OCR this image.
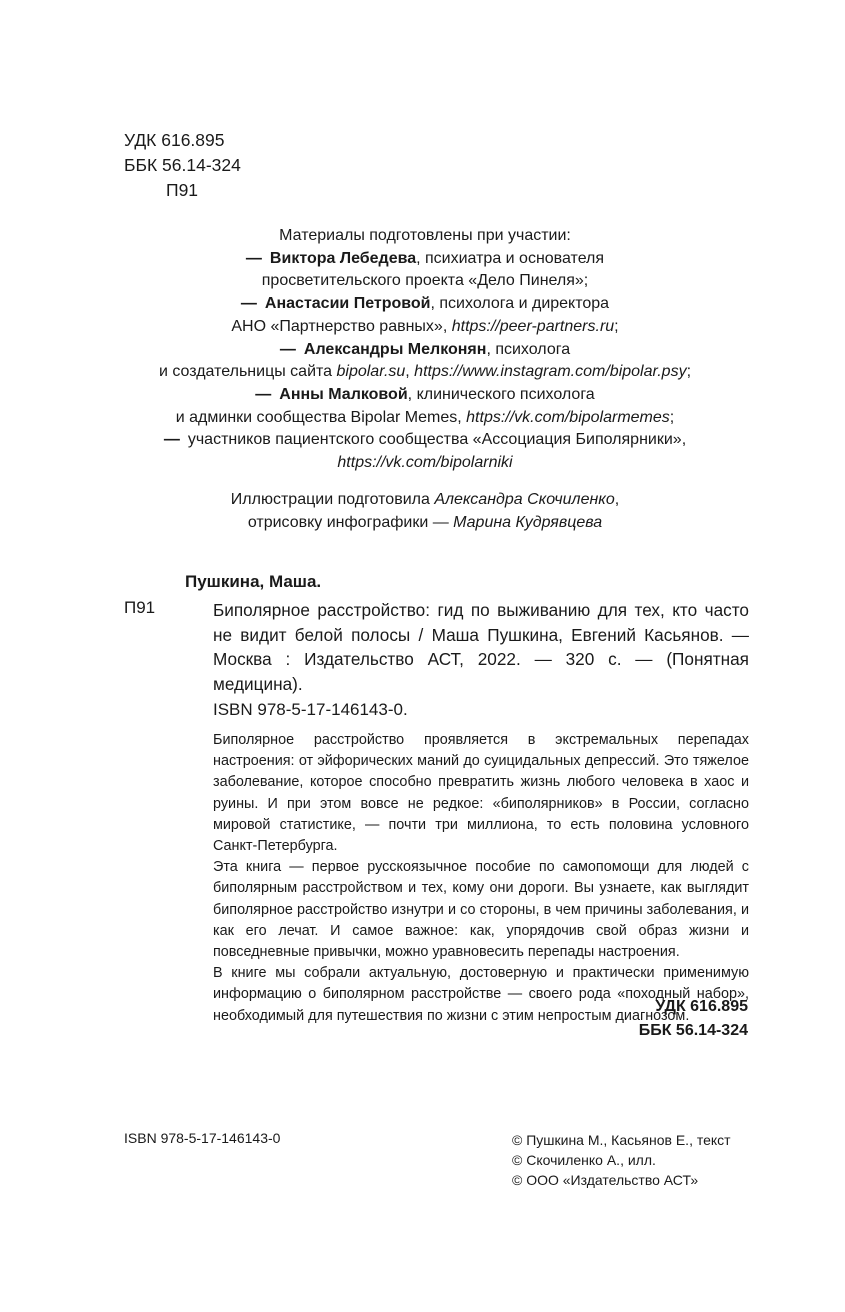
УДК 616.895
ББК 56.14-324
П91
Материалы подготовлены при участии:
— Виктора Лебедева, психиатра и основателя
просветительского проекта «Дело Пинеля»;
— Анастасии Петровой, психолога и директора
АНО «Партнерство равных», https://peer-partners.ru;
— Александры Мелконян, психолога
и создательницы сайта bipolar.su, https://www.instagram.com/bipolar.psy;
— Анны Малковой, клинического психолога
и админки сообщества Bipolar Memes, https://vk.com/bipolarmemes;
— участников пациентского сообщества «Ассоциация Биполярники»,
https://vk.com/bipolarniki
Иллюстрации подготовила Александра Скочиленко,
отрисовку инфографики — Марина Кудрявцева
Пушкина, Маша.
П91	Биполярное расстройство: гид по выживанию для тех, кто часто не видит белой полосы / Маша Пушкина, Евгений Касьянов. — Москва : Издательство АСТ, 2022. — 320 с. — (Понятная медицина).
ISBN 978-5-17-146143-0.

Биполярное расстройство проявляется в экстремальных перепадах настроения: от эйфорических маний до суицидальных депрессий. Это тяжелое заболевание, которое способно превратить жизнь любого человека в хаос и руины. И при этом вовсе не редкое: «биполярников» в России, согласно мировой статистике, — почти три миллиона, то есть половина условного Санкт-Петербурга.

Эта книга — первое русскоязычное пособие по самопомощи для людей с биполярным расстройством и тех, кому они дороги. Вы узнаете, как выглядит биполярное расстройство изнутри и со стороны, в чем причины заболевания, и как его лечат. И самое важное: как, упорядочив свой образ жизни и повседневные привычки, можно уравновесить перепады настроения.

В книге мы собрали актуальную, достоверную и практически применимую информацию о биполярном расстройстве — своего рода «походный набор», необходимый для путешествия по жизни с этим непростым диагнозом.

УДК 616.895
ББК 56.14-324
ISBN 978-5-17-146143-0	© Пушкина М., Касьянов Е., текст
© Скочиленко А., илл.
© ООО «Издательство АСТ»
